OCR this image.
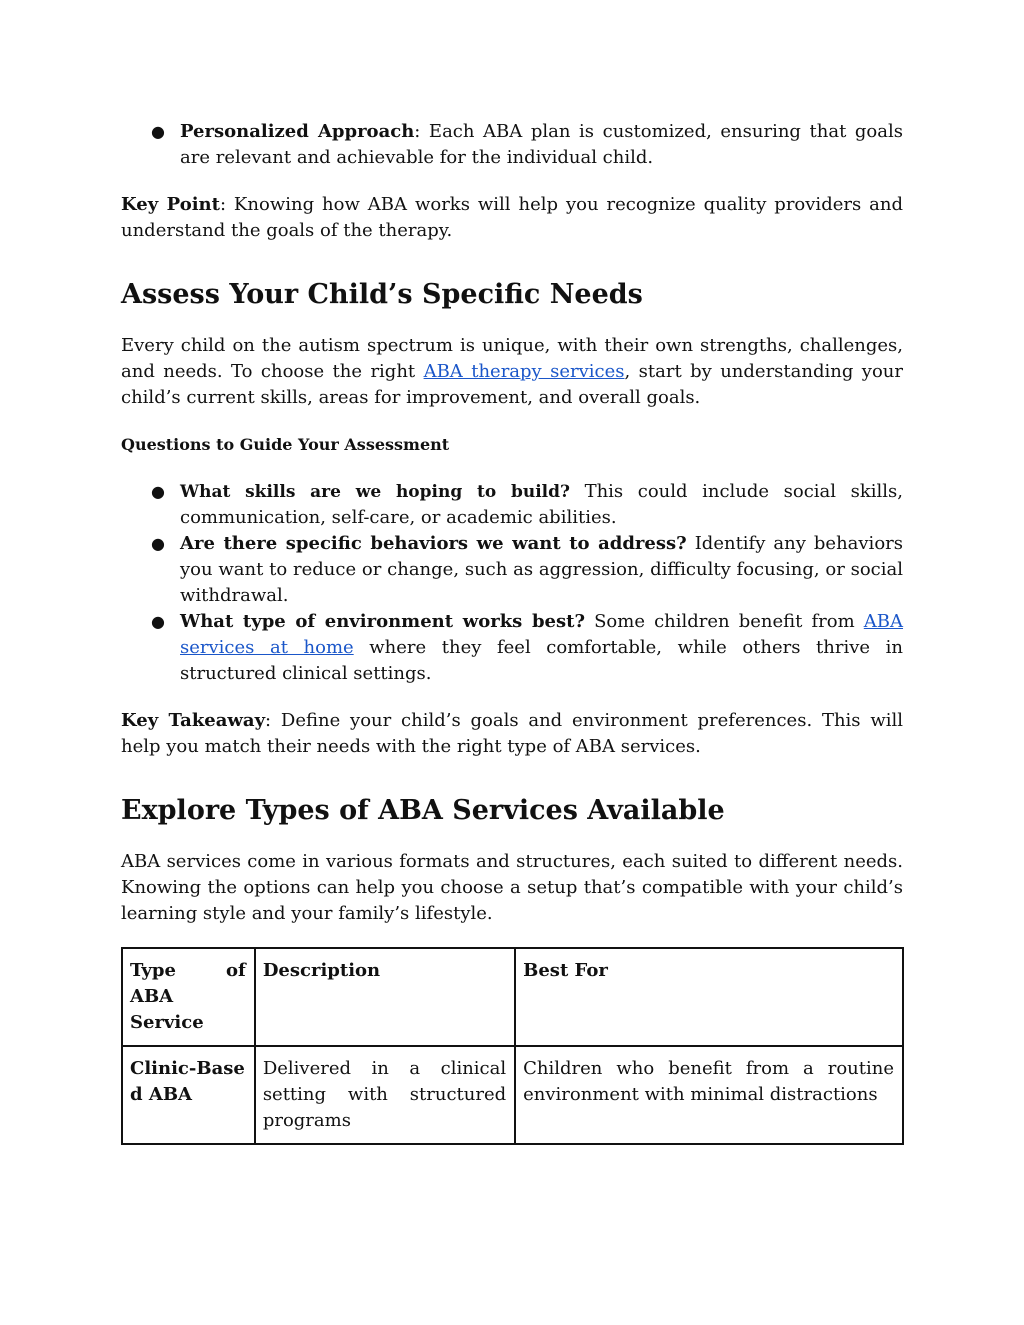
● Personalized Approach: Each ABA plan is customized, ensuring that goals are relevant and achievable for the individual child.

Key Point: Knowing how ABA works will help you recognize quality providers and understand the goals of the therapy.

Assess Your Child’s Specific Needs

Every child on the autism spectrum is unique, with their own strengths, challenges, and needs. To choose the right ABA therapy services, start by understanding your child’s current skills, areas for improvement, and overall goals.

Questions to Guide Your Assessment
● What skills are we hoping to build? This could include social skills, communication, self-care, or academic abilities.
● Are there specific behaviors we want to address? Identify any behaviors you want to reduce or change, such as aggression, difficulty focusing, or social withdrawal.
● What type of environment works best? Some children benefit from ABA services at home where they feel comfortable, while others thrive in structured clinical settings.

Key Takeaway: Define your child’s goals and environment preferences. This will help you match their needs with the right type of ABA services.

Explore Types of ABA Services Available

ABA services come in various formats and structures, each suited to different needs. Knowing the options can help you choose a setup that’s compatible with your child’s learning style and your family’s lifestyle.

Type of ABA Service	Description	Best For
Clinic-Based ABA	Delivered in a clinical setting with structured programs	Children who benefit from a routine environment with minimal distractions
